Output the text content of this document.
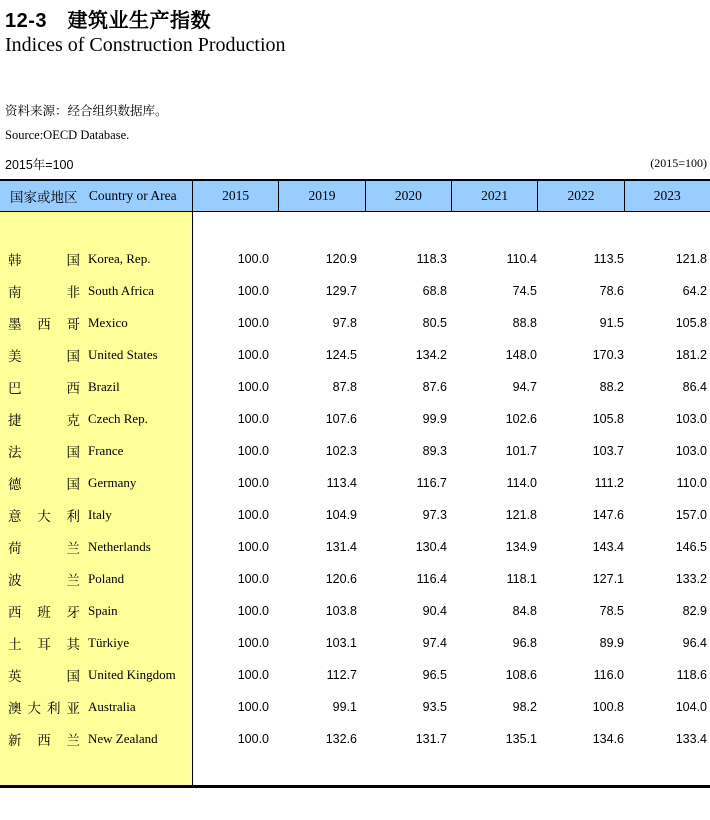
12-3　建筑业生产指数
Indices of Construction Production
资料来源：经合组织数据库。
Source:OECD Database.
2015年=100	(2015=100)
国家或地区 Country or Area	2015	2019	2020	2021	2022	2023
韩	国 Korea, Rep.	100.0	120.9	118.3	110.4	113.5	121.8
南	非 South Africa	100.0	129.7	68.8	74.5	78.6	64.2
墨 西 哥 Mexico	100.0	97.8	80.5	88.8	91.5	105.8
美	国 United States	100.0	124.5	134.2	148.0	170.3	181.2
巴	西 Brazil	100.0	87.8	87.6	94.7	88.2	86.4
捷	克 Czech Rep.	100.0	107.6	99.9	102.6	105.8	103.0
法	国 France	100.0	102.3	89.3	101.7	103.7	103.0
德	国 Germany	100.0	113.4	116.7	114.0	111.2	110.0
意 大 利 Italy	100.0	104.9	97.3	121.8	147.6	157.0
荷	兰 Netherlands	100.0	131.4	130.4	134.9	143.4	146.5
波	兰 Poland	100.0	120.6	116.4	118.1	127.1	133.2
西 班 牙 Spain	100.0	103.8	90.4	84.8	78.5	82.9
土 耳 其 Türkiye	100.0	103.1	97.4	96.8	89.9	96.4
英	国 United Kingdom	100.0	112.7	96.5	108.6	116.0	118.6
澳 大 利 亚 Australia	100.0	99.1	93.5	98.2	100.8	104.0
新 西 兰 New Zealand	100.0	132.6	131.7	135.1	134.6	133.4
